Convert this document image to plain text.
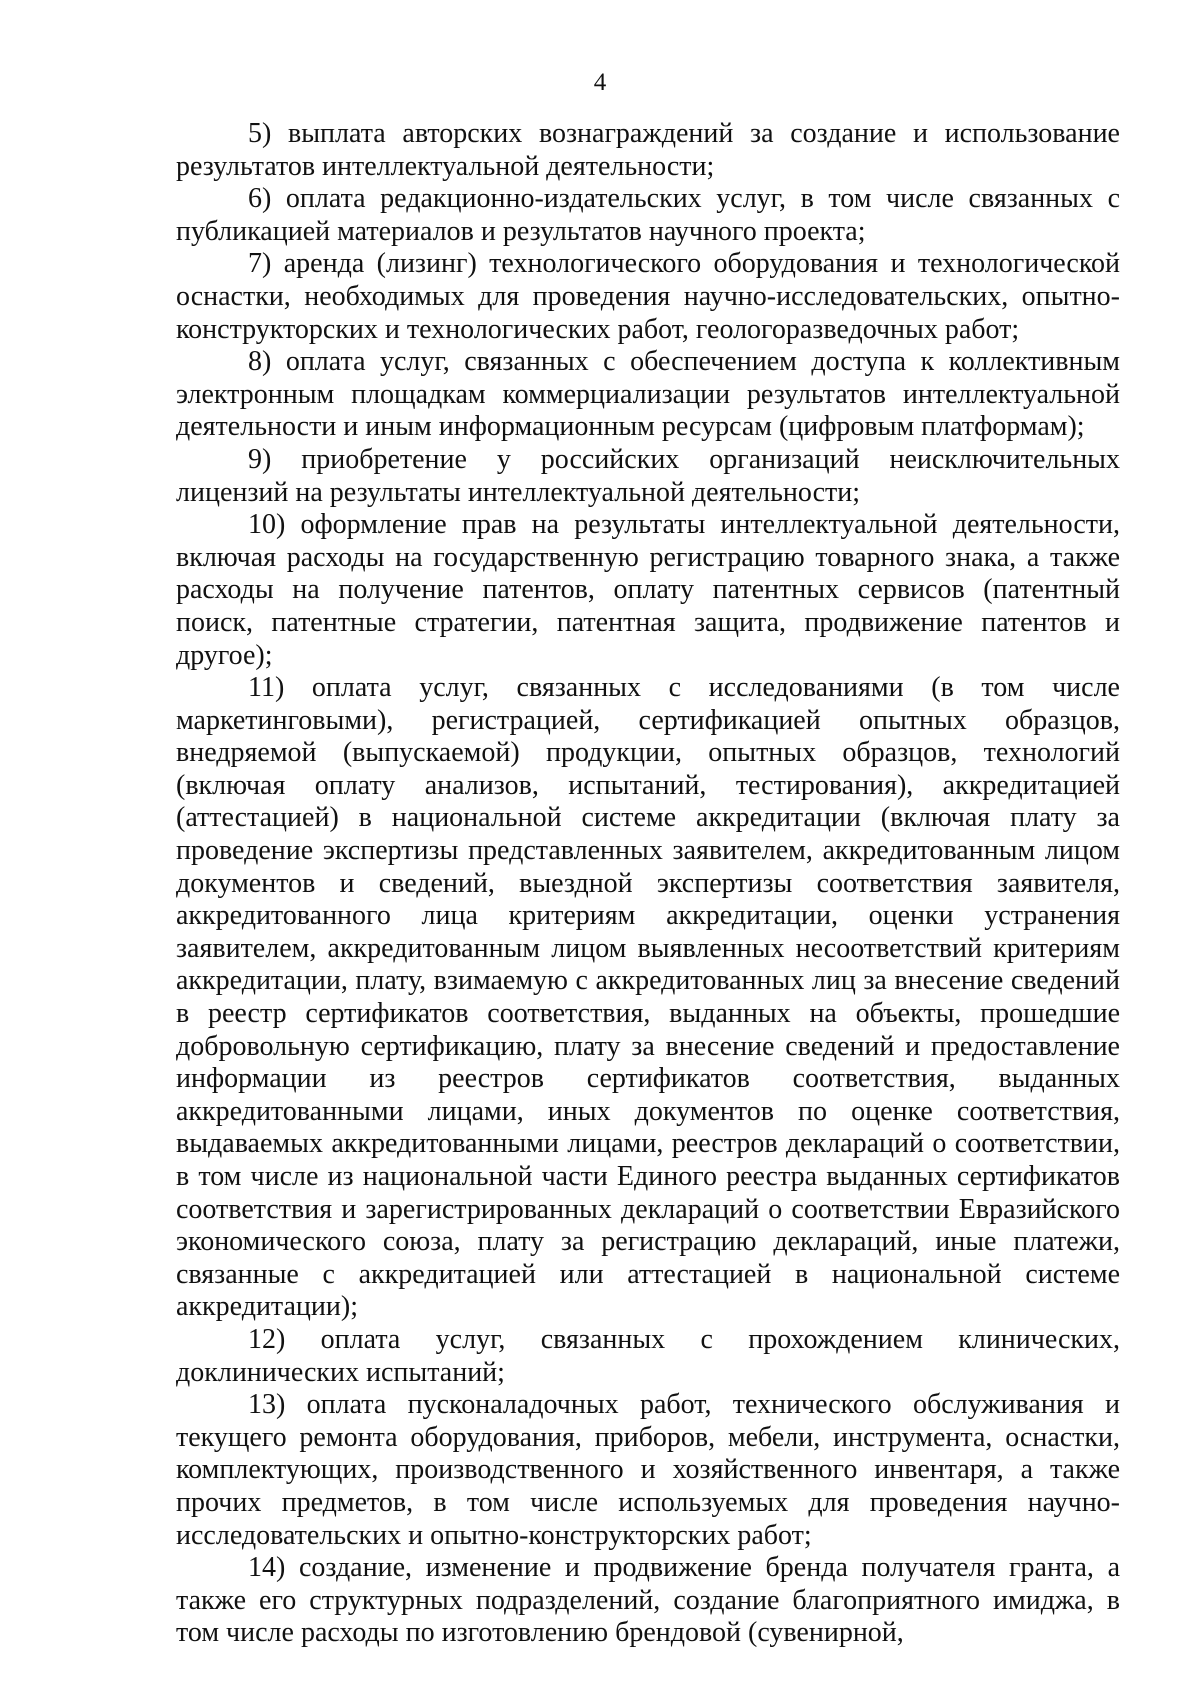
4

5) выплата авторских вознаграждений за создание и использование результатов интеллектуальной деятельности;

6) оплата редакционно-издательских услуг, в том числе связанных с публикацией материалов и результатов научного проекта;

7) аренда (лизинг) технологического оборудования и технологической оснастки, необходимых для проведения научно-исследовательских, опытно-конструкторских и технологических работ, геологоразведочных работ;

8) оплата услуг, связанных с обеспечением доступа к коллективным электронным площадкам коммерциализации результатов интеллектуальной деятельности и иным информационным ресурсам (цифровым платформам);

9) приобретение у российских организаций неисключительных лицензий на результаты интеллектуальной деятельности;

10) оформление прав на результаты интеллектуальной деятельности, включая расходы на государственную регистрацию товарного знака, а также расходы на получение патентов, оплату патентных сервисов (патентный поиск, патентные стратегии, патентная защита, продвижение патентов и другое);

11) оплата услуг, связанных с исследованиями (в том числе маркетинговыми), регистрацией, сертификацией опытных образцов, внедряемой (выпускаемой) продукции, опытных образцов, технологий (включая оплату анализов, испытаний, тестирования), аккредитацией (аттестацией) в национальной системе аккредитации (включая плату за проведение экспертизы представленных заявителем, аккредитованным лицом документов и сведений, выездной экспертизы соответствия заявителя, аккредитованного лица критериям аккредитации, оценки устранения заявителем, аккредитованным лицом выявленных несоответствий критериям аккредитации, плату, взимаемую с аккредитованных лиц за внесение сведений в реестр сертификатов соответствия, выданных на объекты, прошедшие добровольную сертификацию, плату за внесение сведений и предоставление информации из реестров сертификатов соответствия, выданных аккредитованными лицами, иных документов по оценке соответствия, выдаваемых аккредитованными лицами, реестров деклараций о соответствии, в том числе из национальной части Единого реестра выданных сертификатов соответствия и зарегистрированных деклараций о соответствии Евразийского экономического союза, плату за регистрацию деклараций, иные платежи, связанные с аккредитацией или аттестацией в национальной системе аккредитации);

12) оплата услуг, связанных с прохождением клинических, доклинических испытаний;

13) оплата пусконаладочных работ, технического обслуживания и текущего ремонта оборудования, приборов, мебели, инструмента, оснастки, комплектующих, производственного и хозяйственного инвентаря, а также прочих предметов, в том числе используемых для проведения научно-исследовательских и опытно-конструкторских работ;

14) создание, изменение и продвижение бренда получателя гранта, а также его структурных подразделений, создание благоприятного имиджа, в том числе расходы по изготовлению брендовой (сувенирной,
